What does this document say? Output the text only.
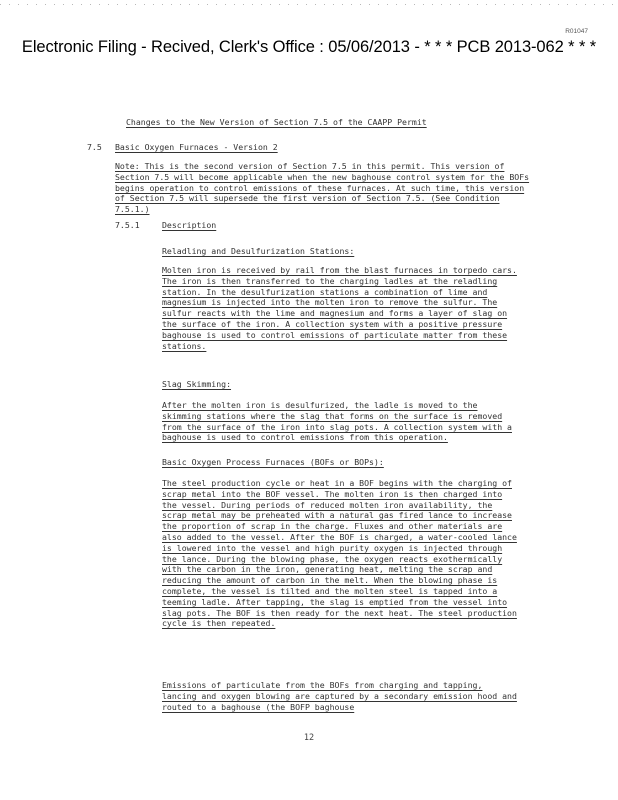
R01047
Electronic Filing - Recived, Clerk's Office : 05/06/2013 - * * * PCB 2013-062 * * *
Changes to the New Version of Section 7.5 of the CAAPP Permit
7.5 Basic Oxygen Furnaces - Version 2
Note: This is the second version of Section 7.5 in this permit. This version of Section 7.5 will become applicable when the new baghouse control system for the BOFs begins operation to control emissions of these furnaces. At such time, this version of Section 7.5 will supersede the first version of Section 7.5. (See Condition 7.5.1.)
7.5.1	Description
Reladling and Desulfurization Stations:
Molten iron is received by rail from the blast furnaces in torpedo cars. The iron is then transferred to the charging ladles at the reladling station. In the desulfurization stations a combination of lime and magnesium is injected into the molten iron to remove the sulfur. The sulfur reacts with the lime and magnesium and forms a layer of slag on the surface of the iron. A collection system with a positive pressure baghouse is used to control emissions of particulate matter from these stations.
Slag Skimming:
After the molten iron is desulfurized, the ladle is moved to the skimming stations where the slag that forms on the surface is removed from the surface of the iron into slag pots. A collection system with a baghouse is used to control emissions from this operation.
Basic Oxygen Process Furnaces (BOFs or BOPs):
The steel production cycle or heat in a BOF begins with the charging of scrap metal into the BOF vessel. The molten iron is then charged into the vessel. During periods of reduced molten iron availability, the scrap metal may be preheated with a natural gas fired lance to increase the proportion of scrap in the charge. Fluxes and other materials are also added to the vessel. After the BOF is charged, a water-cooled lance is lowered into the vessel and high purity oxygen is injected through the lance. During the blowing phase, the oxygen reacts exothermically with the carbon in the iron, generating heat, melting the scrap and reducing the amount of carbon in the melt. When the blowing phase is complete, the vessel is tilted and the molten steel is tapped into a teeming ladle. After tapping, the slag is emptied from the vessel into slag pots. The BOF is then ready for the next heat. The steel production cycle is then repeated.
Emissions of particulate from the BOFs from charging and tapping, lancing and oxygen blowing are captured by a secondary emission hood and routed to a baghouse (the BOFP baghouse
12
